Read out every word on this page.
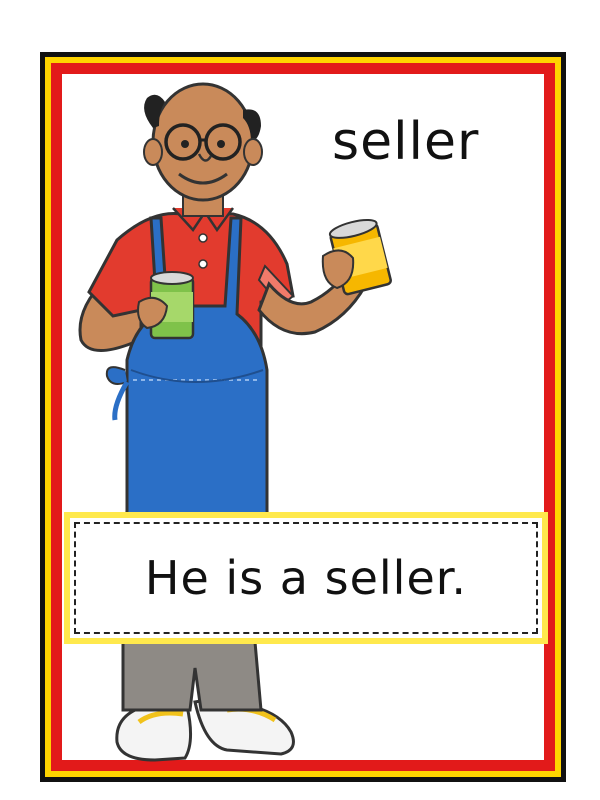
seller
He is a seller.
